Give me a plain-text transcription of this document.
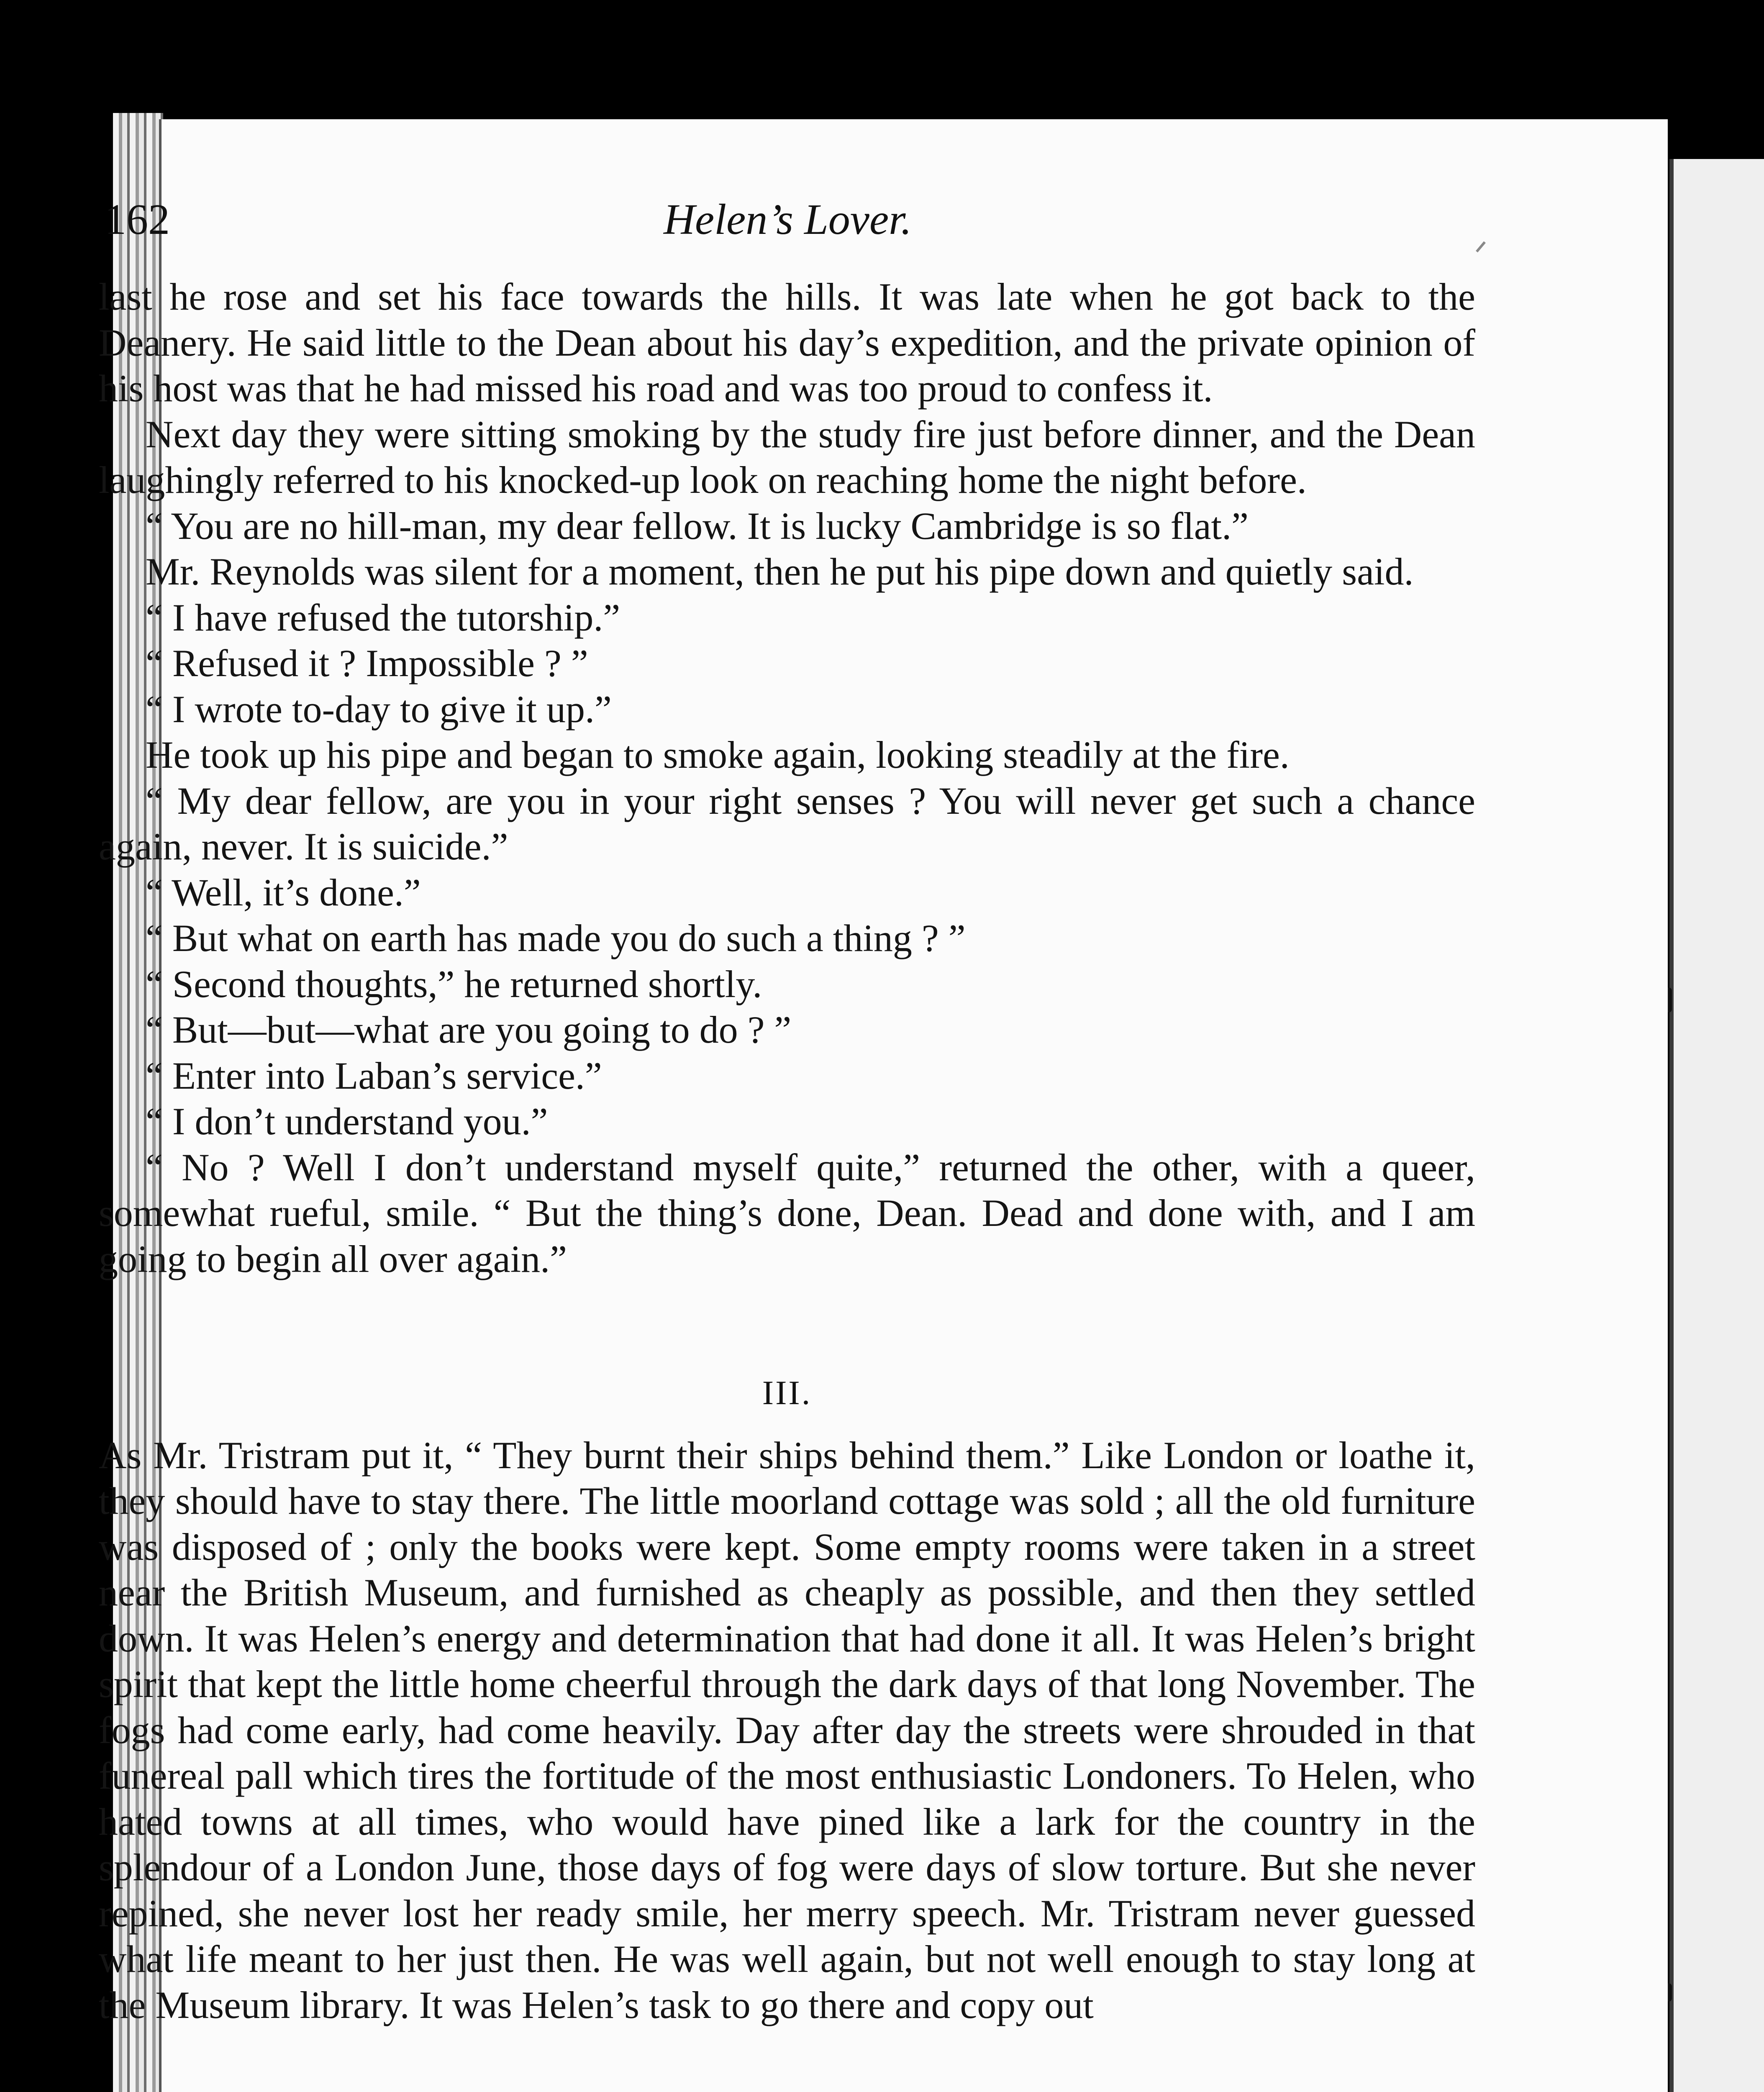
162	Helen’s Lover.

last he rose and set his face towards the hills. It was late when he got back to the Deanery. He said little to the Dean about his day’s expedition, and the private opinion of his host was that he had missed his road and was too proud to confess it.

Next day they were sitting smoking by the study fire just before dinner, and the Dean laughingly referred to his knocked-up look on reaching home the night before.

“ You are no hill-man, my dear fellow. It is lucky Cambridge is so flat.”

Mr. Reynolds was silent for a moment, then he put his pipe down and quietly said.

“ I have refused the tutorship.”

“ Refused it ? Impossible ? ”

“ I wrote to-day to give it up.”

He took up his pipe and began to smoke again, looking steadily at the fire.

“ My dear fellow, are you in your right senses ? You will never get such a chance again, never. It is suicide.”

“ Well, it’s done.”

“ But what on earth has made you do such a thing ? ”

“ Second thoughts,” he returned shortly.

“ But—but—what are you going to do ? ”

“ Enter into Laban’s service.”

“ I don’t understand you.”

“ No ? Well I don’t understand myself quite,” returned the other, with a queer, somewhat rueful, smile. “ But the thing’s done, Dean. Dead and done with, and I am going to begin all over again.”

III.

As Mr. Tristram put it, “ They burnt their ships behind them.” Like London or loathe it, they should have to stay there. The little moorland cottage was sold ; all the old furniture was disposed of ; only the books were kept. Some empty rooms were taken in a street near the British Museum, and furnished as cheaply as possible, and then they settled down. It was Helen’s energy and determination that had done it all. It was Helen’s bright spirit that kept the little home cheerful through the dark days of that long November. The fogs had come early, had come heavily. Day after day the streets were shrouded in that funereal pall which tires the fortitude of the most enthusiastic Londoners. To Helen, who hated towns at all times, who would have pined like a lark for the country in the splendour of a London June, those days of fog were days of slow torture. But she never repined, she never lost her ready smile, her merry speech. Mr. Tristram never guessed what life meant to her just then. He was well again, but not well enough to stay long at the Museum library. It was Helen’s task to go there and copy out
